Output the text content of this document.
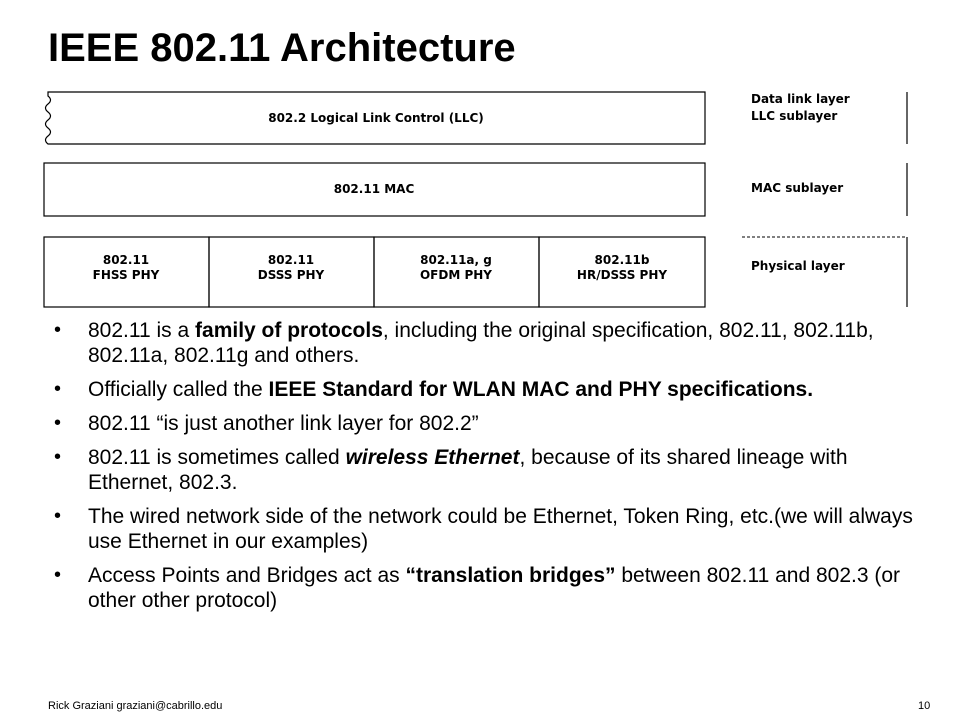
IEEE 802.11 Architecture
802.2 Logical Link Control (LLC)
802.11 MAC
802.11
FHSS PHY
802.11
DSSS PHY
802.11a, g
OFDM PHY
802.11b
HR/DSSS PHY
Data link layer
LLC sublayer
MAC sublayer
Physical layer
• 802.11 is a family of protocols, including the original specification, 802.11, 802.11b, 802.11a, 802.11g and others.
• Officially called the IEEE Standard for WLAN MAC and PHY specifications.
• 802.11 “is just another link layer for 802.2”
• 802.11 is sometimes called wireless Ethernet, because of its shared lineage with Ethernet, 802.3.
• The wired network side of the network could be Ethernet, Token Ring, etc.(we will always use Ethernet in our examples)
• Access Points and Bridges act as “translation bridges” between 802.11 and 802.3 (or other other protocol)
Rick Graziani graziani@cabrillo.edu	10
